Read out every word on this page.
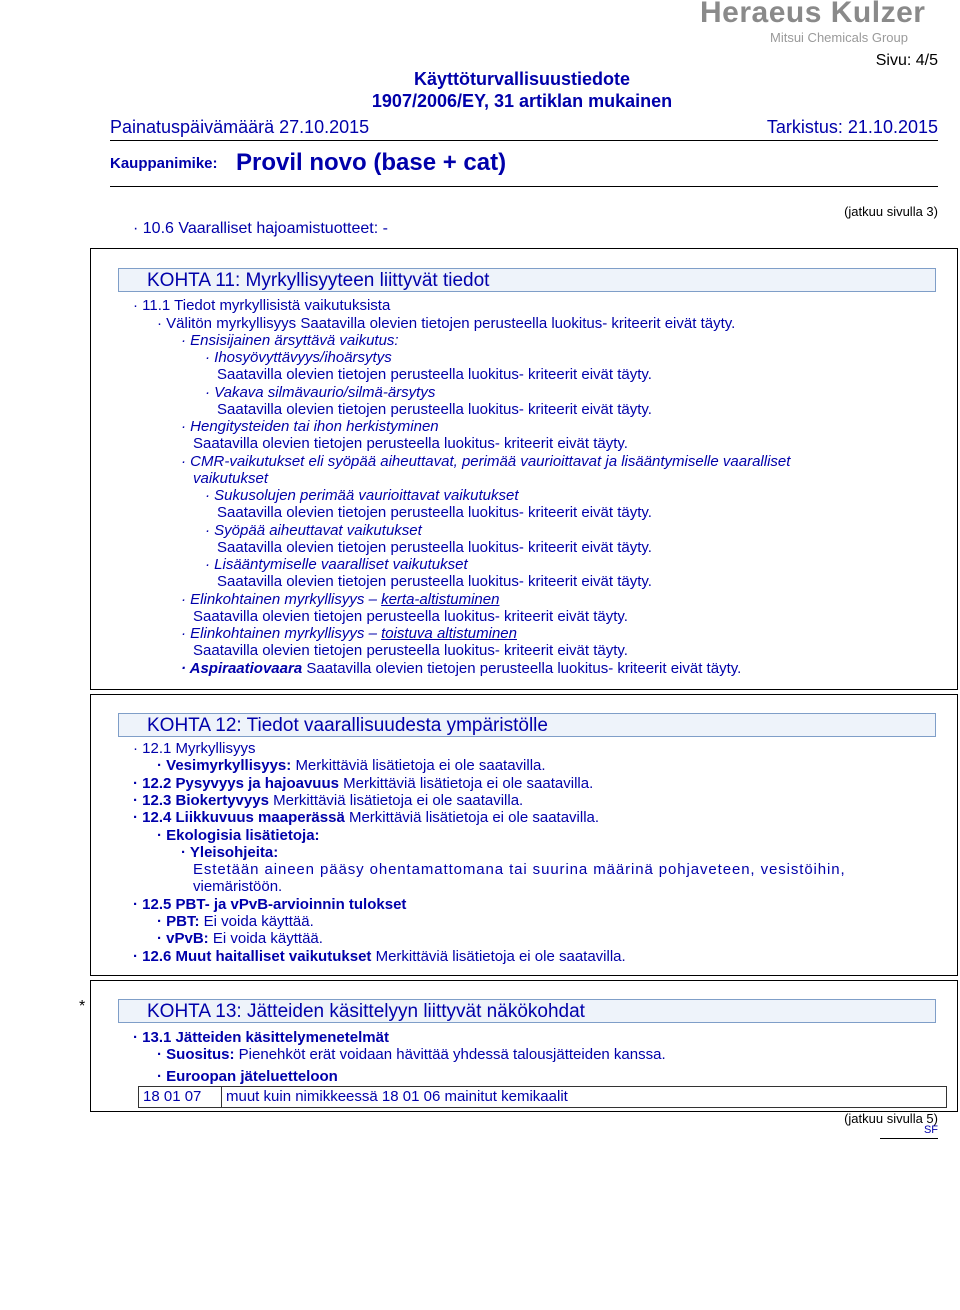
Heraeus Kulzer
Mitsui Chemicals Group
Sivu: 4/5
Käyttöturvallisuustiedote
1907/2006/EY, 31 artiklan mukainen
Painatuspäivämäärä 27.10.2015	Tarkistus: 21.10.2015
Kauppanimike: Provil novo (base + cat)
· 10.6 Vaaralliset hajoamistuotteet: -
(jatkuu sivulla 3)
KOHTA 11: Myrkyllisyyteen liittyvät tiedot
· 11.1 Tiedot myrkyllisistä vaikutuksista
· Välitön myrkyllisyys Saatavilla olevien tietojen perusteella luokitus- kriteerit eivät täyty.
· Ensisijainen ärsyttävä vaikutus:
· Ihosyövyttävyys/ihoärsytys
Saatavilla olevien tietojen perusteella luokitus- kriteerit eivät täyty.
· Vakava silmävaurio/silmä-ärsytys
Saatavilla olevien tietojen perusteella luokitus- kriteerit eivät täyty.
· Hengitysteiden tai ihon herkistyminen
Saatavilla olevien tietojen perusteella luokitus- kriteerit eivät täyty.
· CMR-vaikutukset eli syöpää aiheuttavat, perimää vaurioittavat ja lisääntymiselle vaaralliset
vaikutukset
· Sukusolujen perimää vaurioittavat vaikutukset
Saatavilla olevien tietojen perusteella luokitus- kriteerit eivät täyty.
· Syöpää aiheuttavat vaikutukset
Saatavilla olevien tietojen perusteella luokitus- kriteerit eivät täyty.
· Lisääntymiselle vaaralliset vaikutukset
Saatavilla olevien tietojen perusteella luokitus- kriteerit eivät täyty.
· Elinkohtainen myrkyllisyys – kerta-altistuminen
Saatavilla olevien tietojen perusteella luokitus- kriteerit eivät täyty.
· Elinkohtainen myrkyllisyys – toistuva altistuminen
Saatavilla olevien tietojen perusteella luokitus- kriteerit eivät täyty.
· Aspiraatiovaara Saatavilla olevien tietojen perusteella luokitus- kriteerit eivät täyty.
KOHTA 12: Tiedot vaarallisuudesta ympäristölle
· 12.1 Myrkyllisyys
· Vesimyrkyllisyys: Merkittäviä lisätietoja ei ole saatavilla.
· 12.2 Pysyvyys ja hajoavuus Merkittäviä lisätietoja ei ole saatavilla.
· 12.3 Biokertyvyys Merkittäviä lisätietoja ei ole saatavilla.
· 12.4 Liikkuvuus maaperässä Merkittäviä lisätietoja ei ole saatavilla.
· Ekologisia lisätietoja:
· Yleisohjeita:
Estetään aineen pääsy ohentamattomana tai suurina määrinä pohjaveteen, vesistöihin,
viemäristöön.
· 12.5 PBT- ja vPvB-arvioinnin tulokset
· PBT: Ei voida käyttää.
· vPvB: Ei voida käyttää.
· 12.6 Muut haitalliset vaikutukset Merkittäviä lisätietoja ei ole saatavilla.
*	KOHTA 13: Jätteiden käsittelyyn liittyvät näkökohdat
· 13.1 Jätteiden käsittelymenetelmät
· Suositus: Pienehköt erät voidaan hävittää yhdessä talousjätteiden kanssa.
· Euroopan jäteluetteloon
18 01 07	muut kuin nimikkeessä 18 01 06 mainitut kemikaalit
(jatkuu sivulla 5)
SF
